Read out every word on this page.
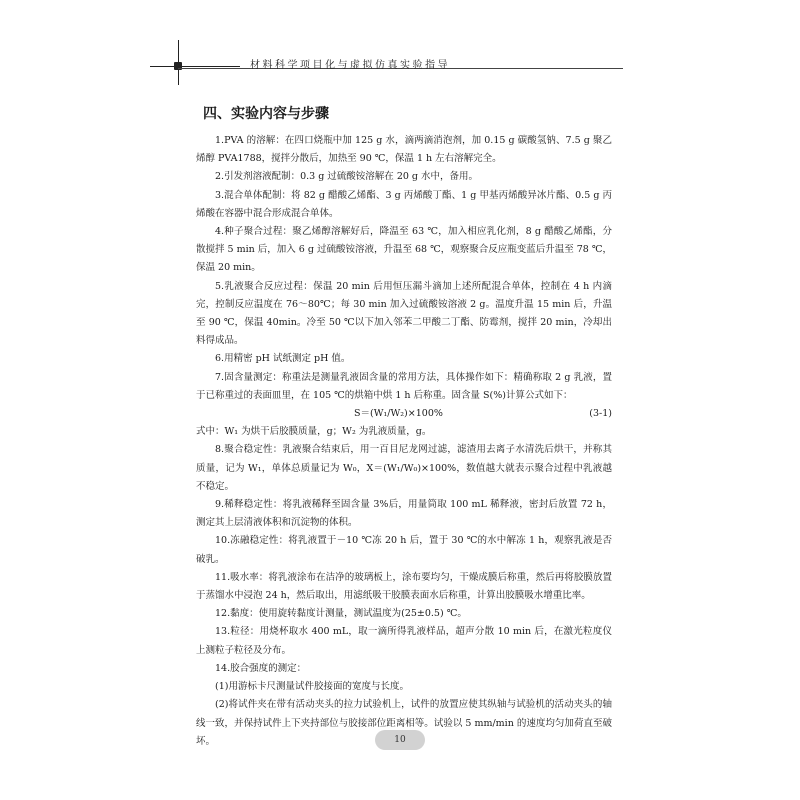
材料科学项目化与虚拟仿真实验指导
四、实验内容与步骤

1.PVA 的溶解：在四口烧瓶中加 125 g 水，滴两滴消泡剂，加 0.15 g 碳酸氢钠、7.5 g 聚乙烯醇 PVA1788，搅拌分散后，加热至 90 ℃，保温 1 h 左右溶解完全。

2.引发剂溶液配制：0.3 g 过硫酸铵溶解在 20 g 水中，备用。

3.混合单体配制：将 82 g 醋酸乙烯酯、3 g 丙烯酸丁酯、1 g 甲基丙烯酸异冰片酯、0.5 g 丙烯酸在容器中混合形成混合单体。

4.种子聚合过程：聚乙烯醇溶解好后，降温至 63 ℃，加入相应乳化剂，8 g 醋酸乙烯酯，分散搅拌 5 min 后，加入 6 g 过硫酸铵溶液，升温至 68 ℃，观察聚合反应瓶变蓝后升温至 78 ℃，保温 20 min。

5.乳液聚合反应过程：保温 20 min 后用恒压漏斗滴加上述所配混合单体，控制在 4 h 内滴完，控制反应温度在 76～80℃；每 30 min 加入过硫酸铵溶液 2 g。温度升温 15 min 后，升温至 90 ℃，保温 40min。冷至 50 ℃以下加入邻苯二甲酸二丁酯、防霉剂，搅拌 20 min，冷却出料得成品。

6.用精密 pH 试纸测定 pH 值。

7.固含量测定：称重法是测量乳液固含量的常用方法，具体操作如下：精确称取 2 g 乳液，置于已称重过的表面皿里，在 105 ℃的烘箱中烘 1 h 后称重。固含量 S(%)计算公式如下：

S＝(W₁/W₂)×100%	(3-1)

式中：W₁ 为烘干后胶膜质量，g；W₂ 为乳液质量，g。

8.聚合稳定性：乳液聚合结束后，用一百目尼龙网过滤，滤渣用去离子水清洗后烘干，并称其质量，记为 W₁，单体总质量记为 W₀，X＝(W₁/W₀)×100%，数值越大就表示聚合过程中乳液越不稳定。

9.稀释稳定性：将乳液稀释至固含量 3%后，用量筒取 100 mL 稀释液，密封后放置 72 h，测定其上层清液体积和沉淀物的体积。

10.冻融稳定性：将乳液置于－10 ℃冻 20 h 后，置于 30 ℃的水中解冻 1 h，观察乳液是否破乳。

11.吸水率：将乳液涂布在洁净的玻璃板上，涂布要均匀，干燥成膜后称重，然后再将胶膜放置于蒸馏水中浸泡 24 h，然后取出，用滤纸吸干胶膜表面水后称重，计算出胶膜吸水增重比率。

12.黏度：使用旋转黏度计测量，测试温度为(25±0.5) ℃。

13.粒径：用烧杯取水 400 mL，取一滴所得乳液样品，超声分散 10 min 后，在激光粒度仪上测粒子粒径及分布。

14.胶合强度的测定：

(1)用游标卡尺测量试件胶接面的宽度与长度。

(2)将试件夹在带有活动夹头的拉力试验机上，试件的放置应使其纵轴与试验机的活动夹头的轴线一致，并保持试件上下夹持部位与胶接部位距离相等。试验以 5 mm/min 的速度均匀加荷直至破坏。	10
